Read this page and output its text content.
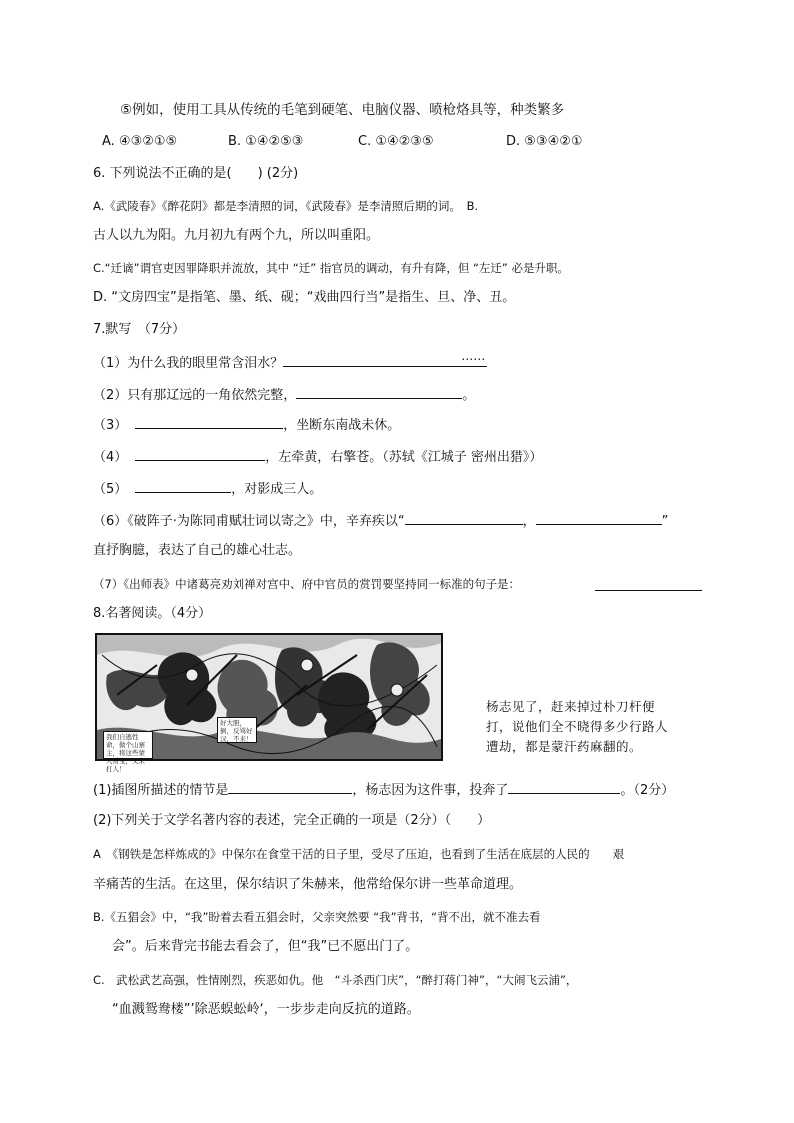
⑤例如，使用工具从传统的毛笔到硬笔、电脑仪器、喷枪烙具等，种类繁多
A. ④③②①⑤	B. ①④②⑤③	C. ①④②③⑤	D. ⑤③④②①
6. 下列说法不正确的是(　　) (2分)
A.《武陵春》《醉花阴》都是李清照的词，《武陵春》是李清照后期的词。　B.
古人以九为阳。九月初九有两个九，所以叫重阳。
C.“迁谪”谓官吏因罪降职并流放，其中 “迁” 指官员的调动，有升有降，但 “左迁” 必是升职。
D. “文房四宝”是指笔、墨、纸、砚；“戏曲四行当”是指生、旦、净、丑。
7.默写　（7分）
（1）为什么我的眼里常含泪水？	……
（2）只有那辽远的一角依然完整，	。
（3）	，坐断东南战未休。
（4）	，左牵黄，右擎苍。（苏轼《江城子 密州出猎》）
（5）	，对影成三人。
（6）《破阵子·为陈同甫赋壮词以寄之》中，辛弃疾以“	，	”
直抒胸臆，表达了自己的雄心壮志。
（7）《出师表》中诸葛亮劝刘禅对宫中、府中官员的赏罚要坚持同一标准的句子是：
8.名著阅读。（4分）
我们自逃性命，做个山寨主，将这些蒙人财宝，又来打人！
好大胆，倒，反骂好汉，不来！
杨志见了，赶来掉过朴刀杆便打，说他们全不晓得多少行路人遭劫，都是蒙汗药麻翻的。
(1)插图所描述的情节是	，杨志因为这件事，投奔了	。（2分）
(2)下列关于文学名著内容的表述，完全正确的一项是（2分）（　　）
A　《钢铁是怎样炼成的》中保尔在食堂干活的日子里，受尽了压迫，也看到了生活在底层的人民的　　艰
辛痛苦的生活。在这里，保尔结识了朱赫来，他常给保尔讲一些革命道理。
B.《五猖会》中，“我”盼着去看五猖会时，父亲突然要 “我”背书，“背不出，就不准去看
会”。后来背完书能去看会了，但“我”已不愿出门了。
C.　武松武艺高强，性情刚烈，疾恶如仇。他　“斗杀西门庆”，“醉打蒋门神”，“大闹飞云浦”，
“血溅鸳鸯楼”’除恶蜈蚣岭‘，一步步走向反抗的道路。
